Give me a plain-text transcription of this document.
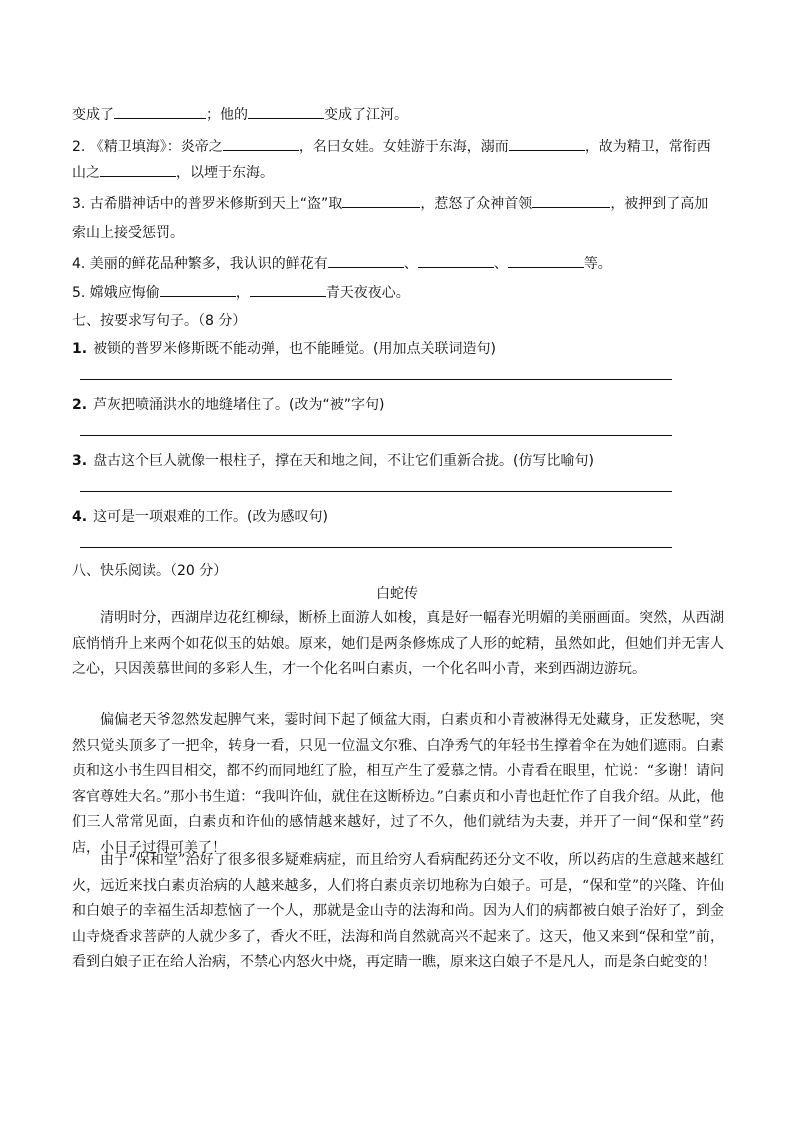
变成了	；他的	变成了江河。
2. 《精卫填海》：炎帝之	，名曰女娃。女娃游于东海，溺而	，故为精卫，常衔西
山之	，以堙于东海。
3. 古希腊神话中的普罗米修斯到天上“盗”取	，惹怒了众神首领	，被押到了高加
索山上接受惩罚。
4. 美丽的鲜花品种繁多，我认识的鲜花有	、	、	等。
5. 嫦娥应悔偷	，	青天夜夜心。
七、按要求写句子。（8 分）
1. 被锁的普罗米修斯既不能动弹，也不能睡觉。(用加点关联词造句)
2. 芦灰把喷涌洪水的地缝堵住了。(改为“被”字句)
3. 盘古这个巨人就像一根柱子，撑在天和地之间，不让它们重新合拢。(仿写比喻句)
4. 这可是一项艰难的工作。(改为感叹句)
八、快乐阅读。（20 分）
白蛇传

清明时分，西湖岸边花红柳绿，断桥上面游人如梭，真是好一幅春光明媚的美丽画面。突然，从西湖底悄悄升上来两个如花似玉的姑娘。原来，她们是两条修炼成了人形的蛇精，虽然如此，但她们并无害人之心，只因羡慕世间的多彩人生，才一个化名叫白素贞，一个化名叫小青，来到西湖边游玩。

偏偏老天爷忽然发起脾气来，霎时间下起了倾盆大雨，白素贞和小青被淋得无处藏身，正发愁呢，突然只觉头顶多了一把伞，转身一看，只见一位温文尔雅、白净秀气的年轻书生撑着伞在为她们遮雨。白素贞和这小书生四目相交，都不约而同地红了脸，相互产生了爱慕之情。小青看在眼里，忙说：“多谢！请问客官尊姓大名。”那小书生道：“我叫许仙，就住在这断桥边。”白素贞和小青也赶忙作了自我介绍。从此，他们三人常常见面，白素贞和许仙的感情越来越好，过了不久，他们就结为夫妻，并开了一间“保和堂”药店，小日子过得可美了！

由于“保和堂”治好了很多很多疑难病症，而且给穷人看病配药还分文不收，所以药店的生意越来越红火，远近来找白素贞治病的人越来越多，人们将白素贞亲切地称为白娘子。可是，“保和堂”的兴隆、许仙和白娘子的幸福生活却惹恼了一个人，那就是金山寺的法海和尚。因为人们的病都被白娘子治好了，到金山寺烧香求菩萨的人就少多了，香火不旺，法海和尚自然就高兴不起来了。这天，他又来到“保和堂”前，看到白娘子正在给人治病，不禁心内怒火中烧，再定睛一瞧，原来这白娘子不是凡人，而是条白蛇变的！
